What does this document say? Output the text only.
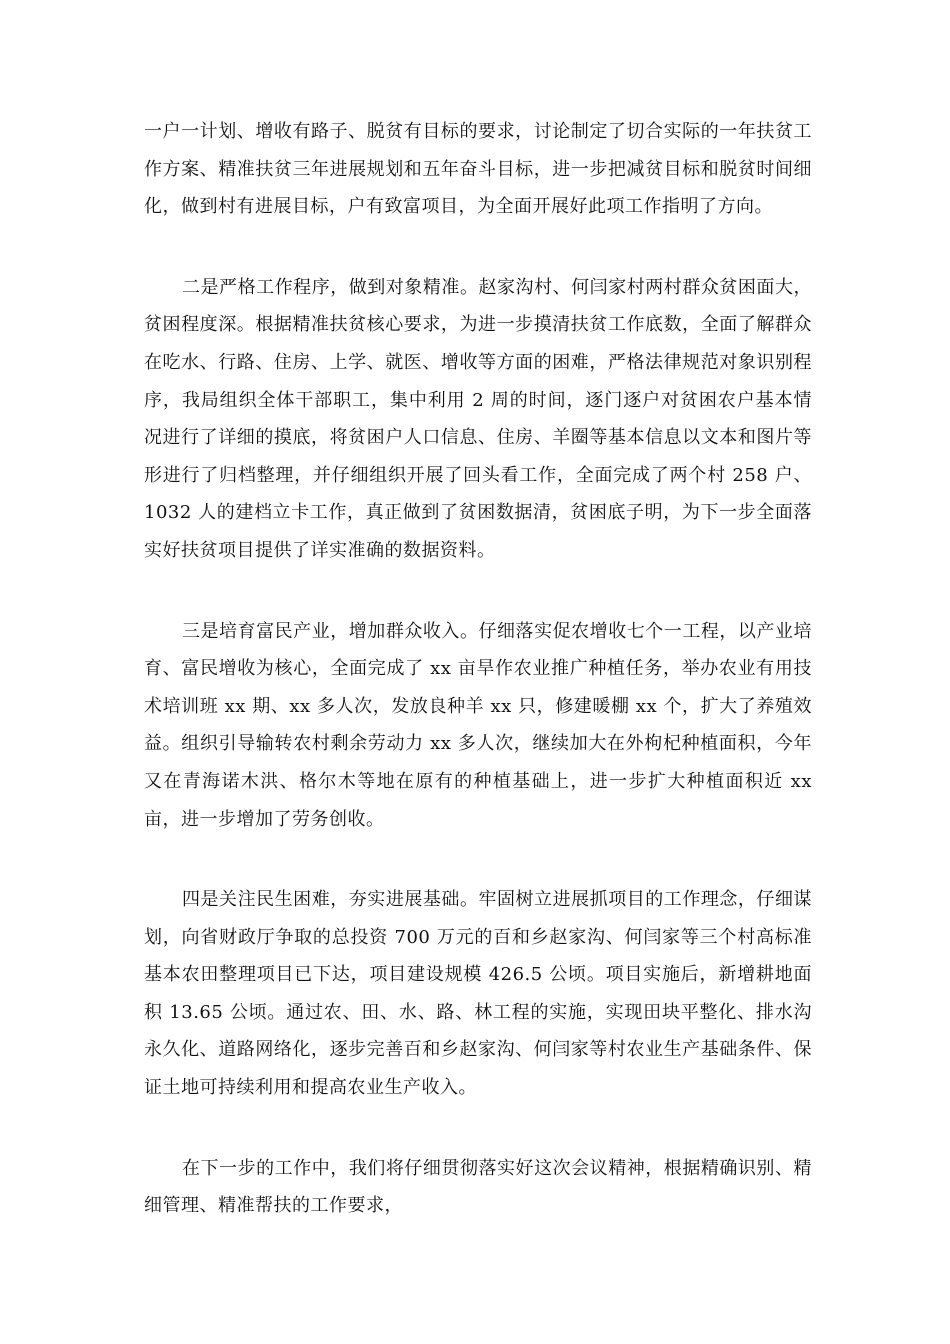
一户一计划、增收有路子、脱贫有目标的要求，讨论制定了切合实际的一年扶贫工作方案、精准扶贫三年进展规划和五年奋斗目标，进一步把减贫目标和脱贫时间细化，做到村有进展目标，户有致富项目，为全面开展好此项工作指明了方向。

二是严格工作程序，做到对象精准。赵家沟村、何闫家村两村群众贫困面大，贫困程度深。根据精准扶贫核心要求，为进一步摸清扶贫工作底数，全面了解群众在吃水、行路、住房、上学、就医、增收等方面的困难，严格法律规范对象识别程序，我局组织全体干部职工，集中利用 2 周的时间，逐门逐户对贫困农户基本情况进行了详细的摸底，将贫困户人口信息、住房、羊圈等基本信息以文本和图片等形进行了归档整理，并仔细组织开展了回头看工作，全面完成了两个村 258 户、1032 人的建档立卡工作，真正做到了贫困数据清，贫困底子明，为下一步全面落实好扶贫项目提供了详实准确的数据资料。

三是培育富民产业，增加群众收入。仔细落实促农增收七个一工程，以产业培育、富民增收为核心，全面完成了 xx 亩旱作农业推广种植任务，举办农业有用技术培训班 xx 期、xx 多人次，发放良种羊 xx 只，修建暖棚 xx 个，扩大了养殖效益。组织引导输转农村剩余劳动力 xx 多人次，继续加大在外枸杞种植面积，今年又在青海诺木洪、格尔木等地在原有的种植基础上，进一步扩大种植面积近 xx 亩，进一步增加了劳务创收。

四是关注民生困难，夯实进展基础。牢固树立进展抓项目的工作理念，仔细谋划，向省财政厅争取的总投资 700 万元的百和乡赵家沟、何闫家等三个村高标准基本农田整理项目已下达，项目建设规模 426.5 公顷。项目实施后，新增耕地面积 13.65 公顷。通过农、田、水、路、林工程的实施，实现田块平整化、排水沟永久化、道路网络化，逐步完善百和乡赵家沟、何闫家等村农业生产基础条件、保证土地可持续利用和提高农业生产收入。

在下一步的工作中，我们将仔细贯彻落实好这次会议精神，根据精确识别、精细管理、精准帮扶的工作要求，
